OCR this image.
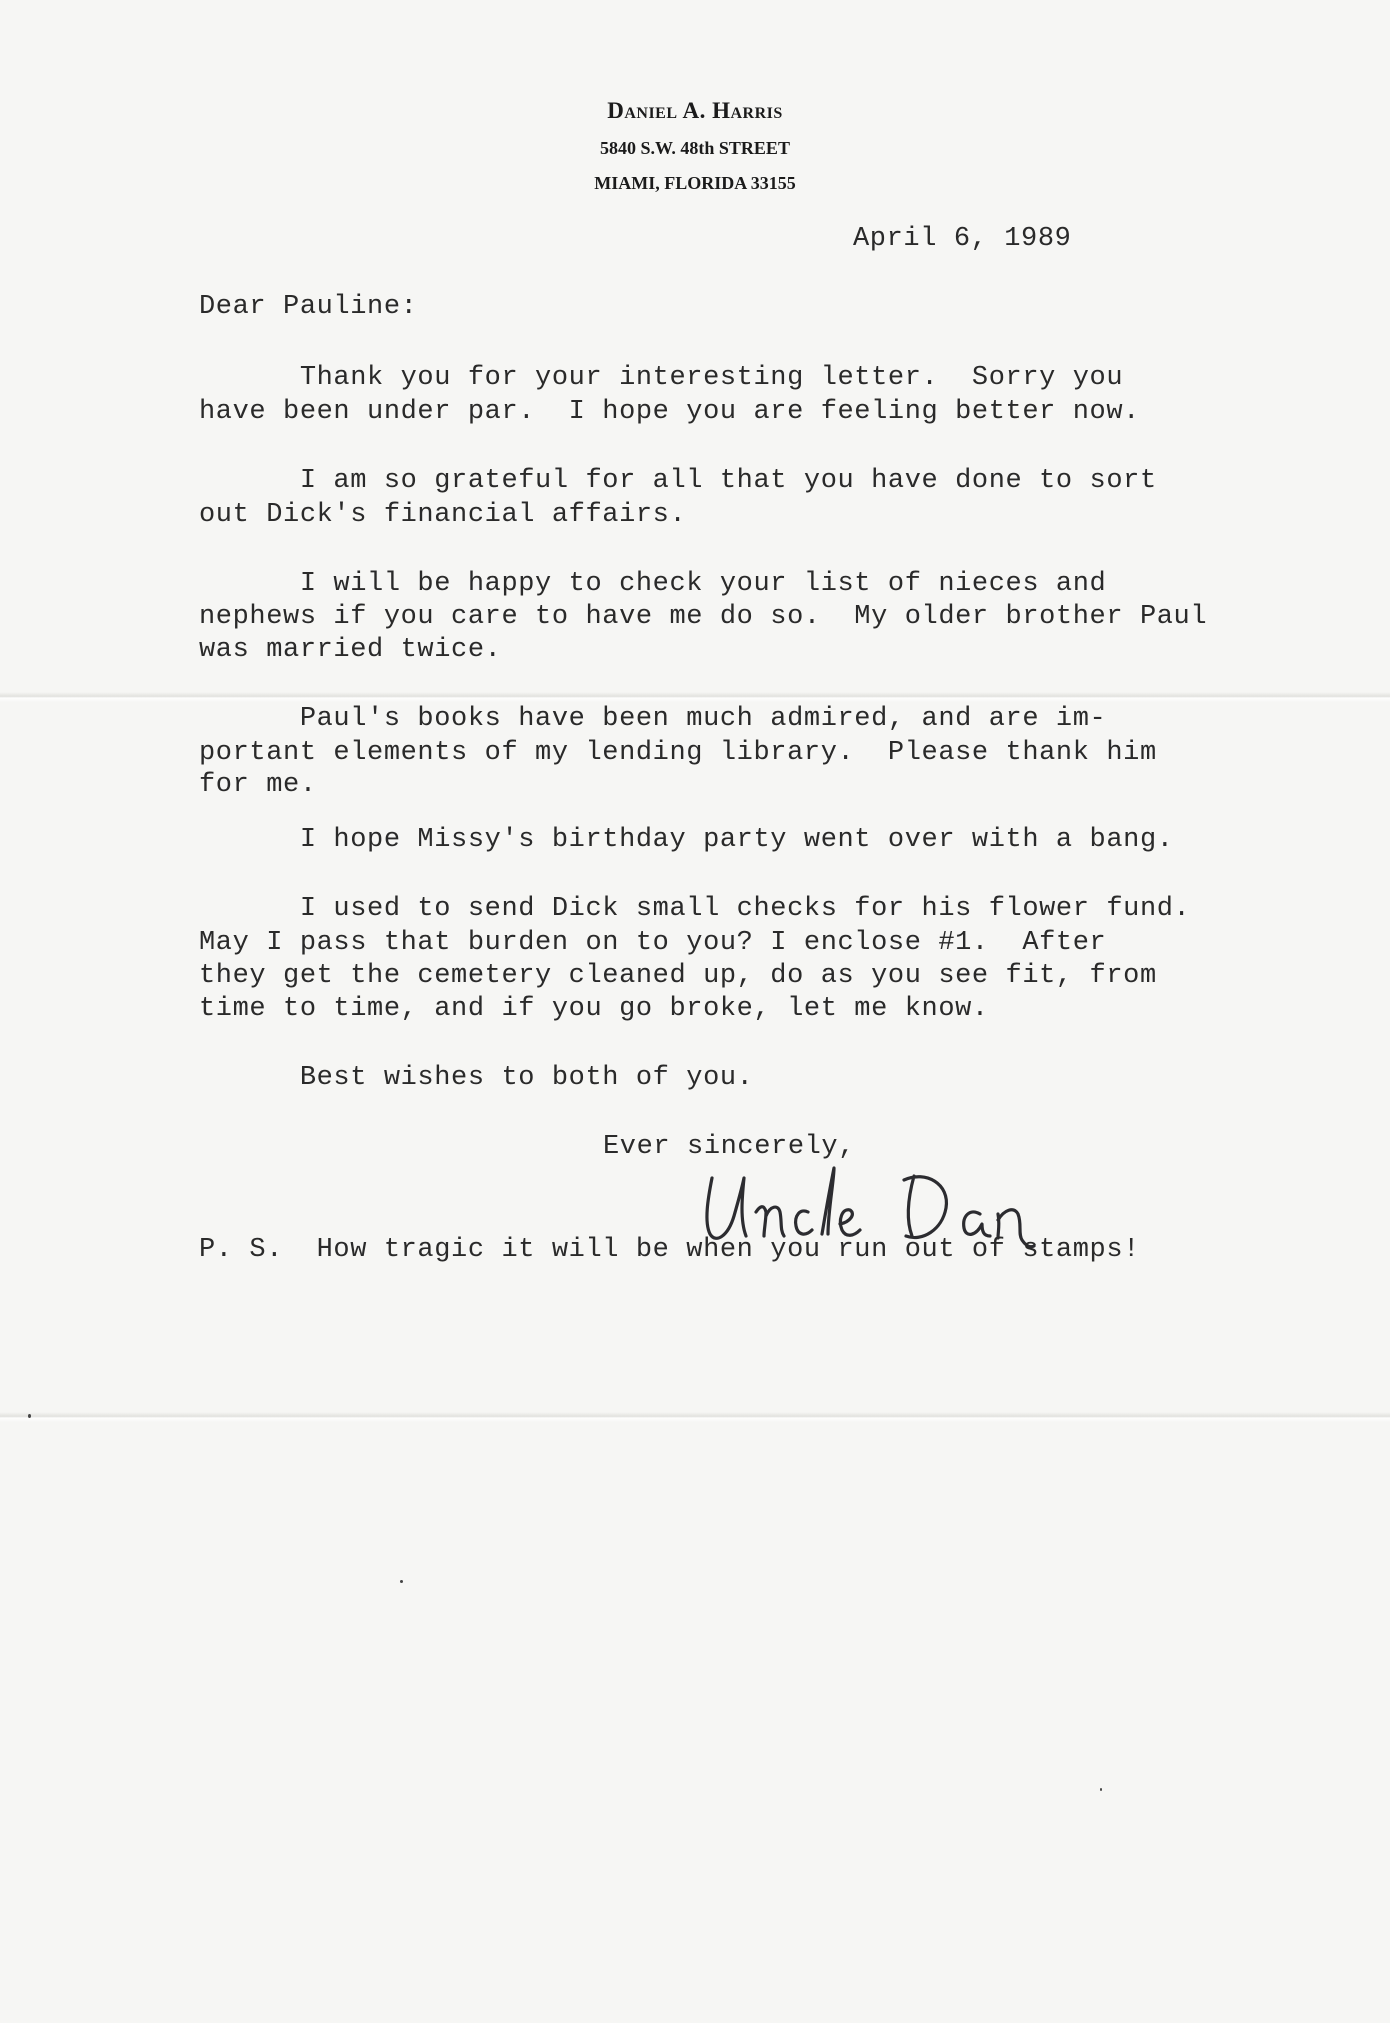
Daniel A. Harris
5840 S.W. 48th STREET
MIAMI, FLORIDA 33155
April 6, 1989
Dear Pauline:
Thank you for your interesting letter.  Sorry you
have been under par.  I hope you are feeling better now.
I am so grateful for all that you have done to sort
out Dick's financial affairs.
I will be happy to check your list of nieces and
nephews if you care to have me do so.  My older brother Paul
was married twice.
Paul's books have been much admired, and are im-
portant elements of my lending library.  Please thank him
for me.
I hope Missy's birthday party went over with a bang.
I used to send Dick small checks for his flower fund.
May I pass that burden on to you? I enclose #1.  After
they get the cemetery cleaned up, do as you see fit, from
time to time, and if you go broke, let me know.
Best wishes to both of you.
Ever sincerely,
P. S.  How tragic it will be when you run out of stamps!
